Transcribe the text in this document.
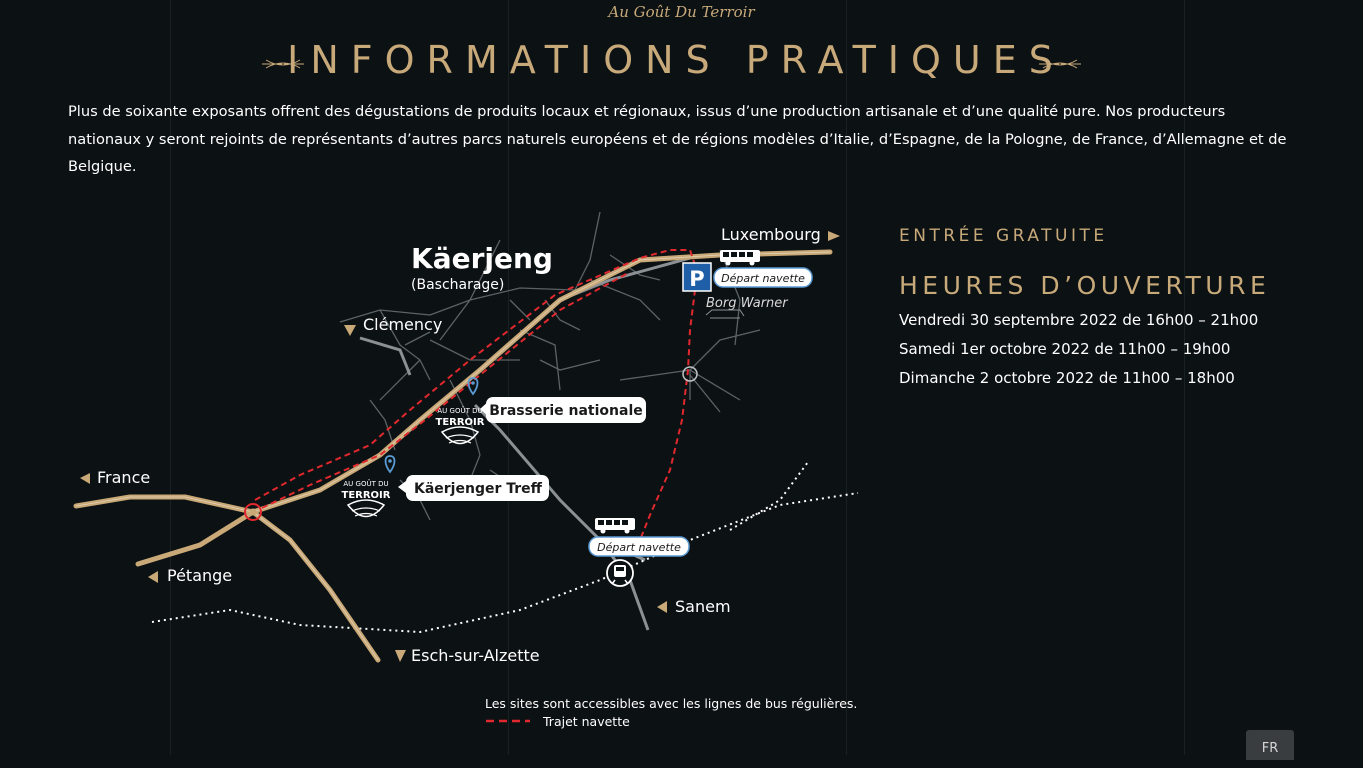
Au Goût Du Terroir
INFORMATIONS PRATIQUES

Plus de soixante exposants offrent des dégustations de produits locaux et régionaux, issus d’une production artisanale et d’une qualité pure. Nos producteurs nationaux y seront rejoints de représentants d’autres parcs naturels européens et de régions modèles d’Italie, d’Espagne, de la Pologne, de France, d’Allemagne et de Belgique.

Käerjeng
(Bascharage)
Luxembourg
Clémency
France
Pétange
Esch-sur-Alzette
Sanem
P Départ navette
Borg Warner
AU GOÛT DU
TERROIR
Brasserie nationale
AU GOÛT DU
TERROIR Käerjenger Treff
Départ navette
Les sites sont accessibles avec les lignes de bus régulières.
Trajet navette
ENTRÉE GRATUITE
HEURES D’OUVERTURE
Vendredi 30 septembre 2022 de 16h00 – 21h00
Samedi 1er octobre 2022 de 11h00 – 19h00
Dimanche 2 octobre 2022 de 11h00 – 18h00
FR
